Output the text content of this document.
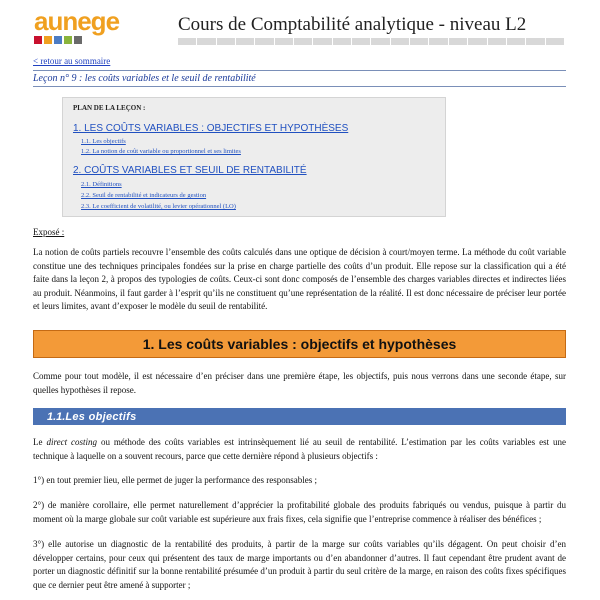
aunege	Cours de Comptabilité analytique - niveau L2
< retour au sommaire
Leçon n° 9 : les coûts variables et le seuil de rentabilité
PLAN DE LA LEÇON :
1. LES COÛTS VARIABLES : OBJECTIFS ET HYPOTHÈSES
1.1. Les objectifs
1.2. La notion de coût variable ou proportionnel et ses limites
2. COÛTS VARIABLES ET SEUIL DE RENTABILITÉ
2.1. Définitions
2.2. Seuil de rentabilité et indicateurs de gestion
2.3. Le coefficient de volatilité, ou levier opérationnel (LO)
Exposé :
La notion de coûts partiels recouvre l’ensemble des coûts calculés dans une optique de décision à court/moyen terme. La méthode du coût variable constitue une des techniques principales fondées sur la prise en charge partielle des coûts d’un produit. Elle repose sur la classification qui a été faite dans la leçon 2, à propos des typologies de coûts. Ceux-ci sont donc composés de l’ensemble des charges variables directes et indirectes liées au produit. Néanmoins, il faut garder à l’esprit qu’ils ne constituent qu’une représentation de la réalité. Il est donc nécessaire de préciser leur portée et leurs limites, avant d’exposer le modèle du seuil de rentabilité.
1. Les coûts variables : objectifs et hypothèses
Comme pour tout modèle, il est nécessaire d’en préciser dans une première étape, les objectifs, puis nous verrons dans une seconde étape, sur quelles hypothèses il repose.
1.1. Les objectifs
Le direct costing ou méthode des coûts variables est intrinsèquement lié au seuil de rentabilité. L’estimation par les coûts variables est une technique à laquelle on a souvent recours, parce que cette dernière répond à plusieurs objectifs :
1°) en tout premier lieu, elle permet de juger la performance des responsables ;
2°) de manière corollaire, elle permet naturellement d’apprécier la profitabilité globale des produits fabriqués ou vendus, puisque à partir du moment où la marge globale sur coût variable est supérieure aux frais fixes, cela signifie que l’entreprise commence à réaliser des bénéfices ;
3°) elle autorise un diagnostic de la rentabilité des produits, à partir de la marge sur coûts variables qu’ils dégagent. On peut choisir d’en développer certains, pour ceux qui présentent des taux de marge importants ou d’en abandonner d’autres. Il faut cependant être prudent avant de porter un diagnostic définitif sur la bonne rentabilité présumée d’un produit à partir du seul critère de la marge, en raison des coûts fixes spécifiques que ce dernier peut être amené à supporter ;
